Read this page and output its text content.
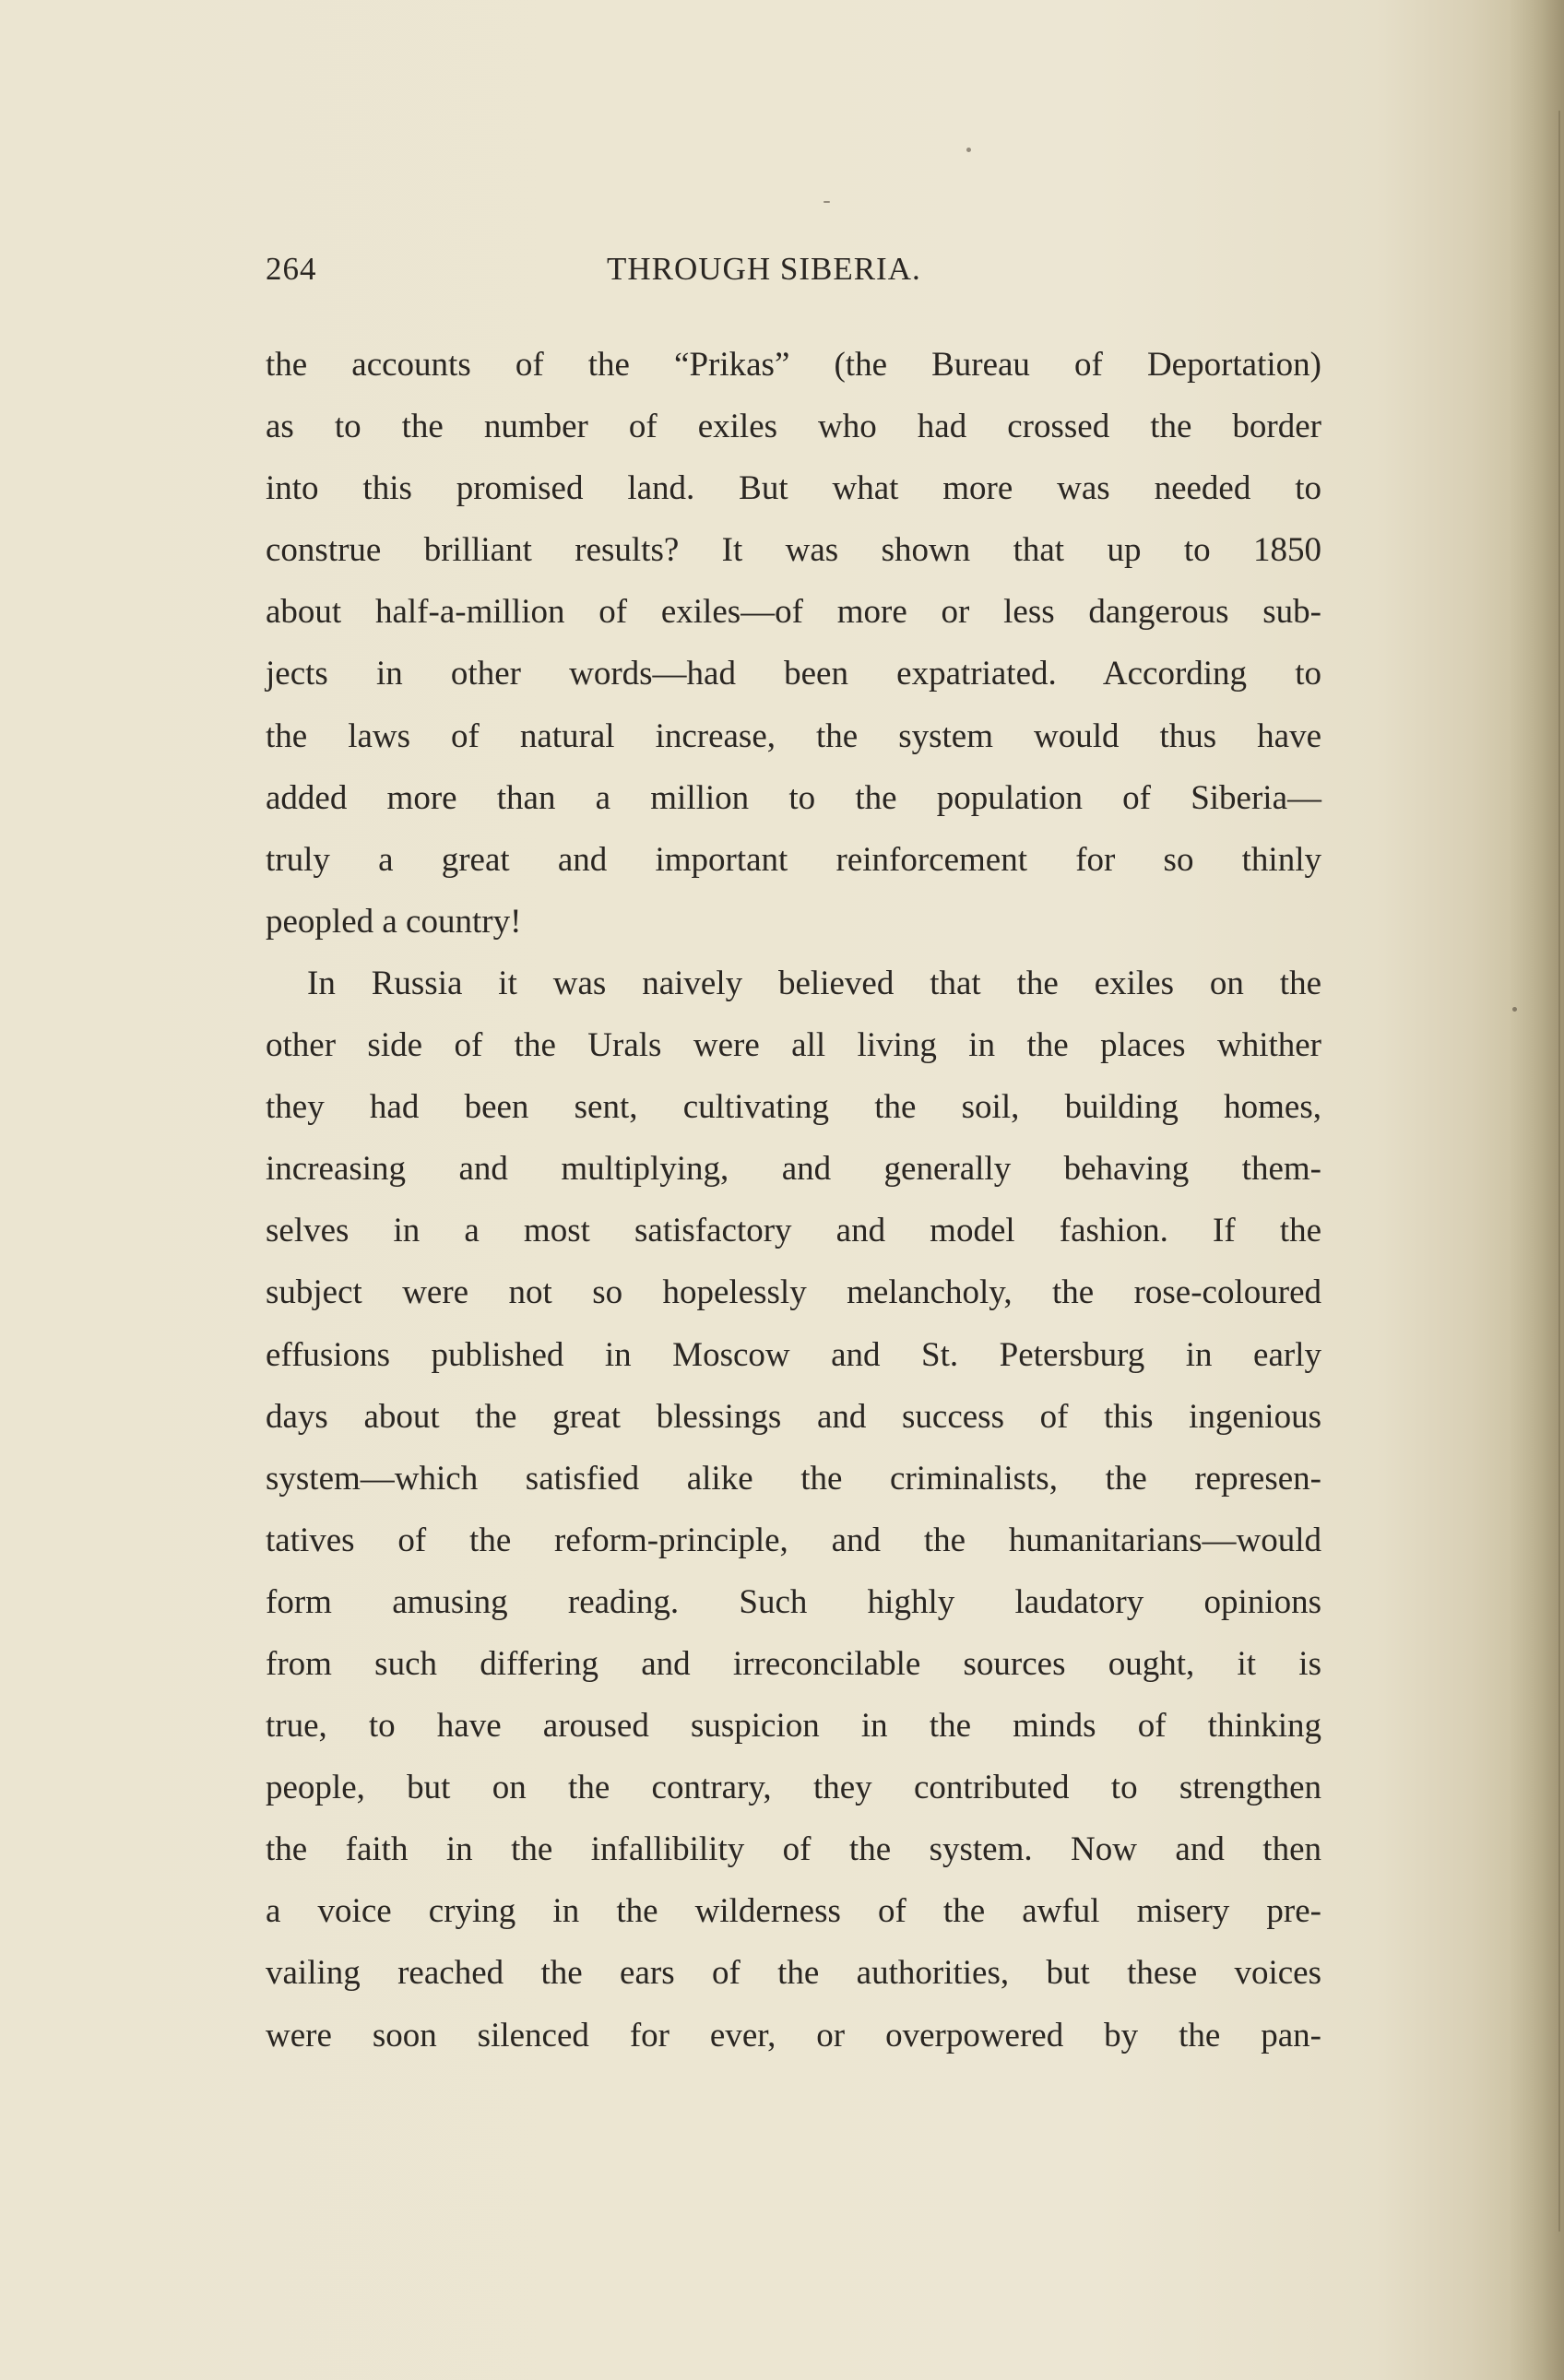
264	THROUGH SIBERIA.
the accounts of the “Prikas” (the Bureau of Deportation)
as to the number of exiles who had crossed the border
into this promised land. But what more was needed to
construe brilliant results? It was shown that up to 1850
about half-a-million of exiles—of more or less dangerous sub-
jects in other words—had been expatriated. According to
the laws of natural increase, the system would thus have
added more than a million to the population of Siberia—
truly a great and important reinforcement for so thinly
peopled a country!
In Russia it was naively believed that the exiles on the
other side of the Urals were all living in the places whither
they had been sent, cultivating the soil, building homes,
increasing and multiplying, and generally behaving them-
selves in a most satisfactory and model fashion. If the
subject were not so hopelessly melancholy, the rose-coloured
effusions published in Moscow and St. Petersburg in early
days about the great blessings and success of this ingenious
system—which satisfied alike the criminalists, the represen-
tatives of the reform-principle, and the humanitarians—would
form amusing reading. Such highly laudatory opinions
from such differing and irreconcilable sources ought, it is
true, to have aroused suspicion in the minds of thinking
people, but on the contrary, they contributed to strengthen
the faith in the infallibility of the system. Now and then
a voice crying in the wilderness of the awful misery pre-
vailing reached the ears of the authorities, but these voices
were soon silenced for ever, or overpowered by the pan-
